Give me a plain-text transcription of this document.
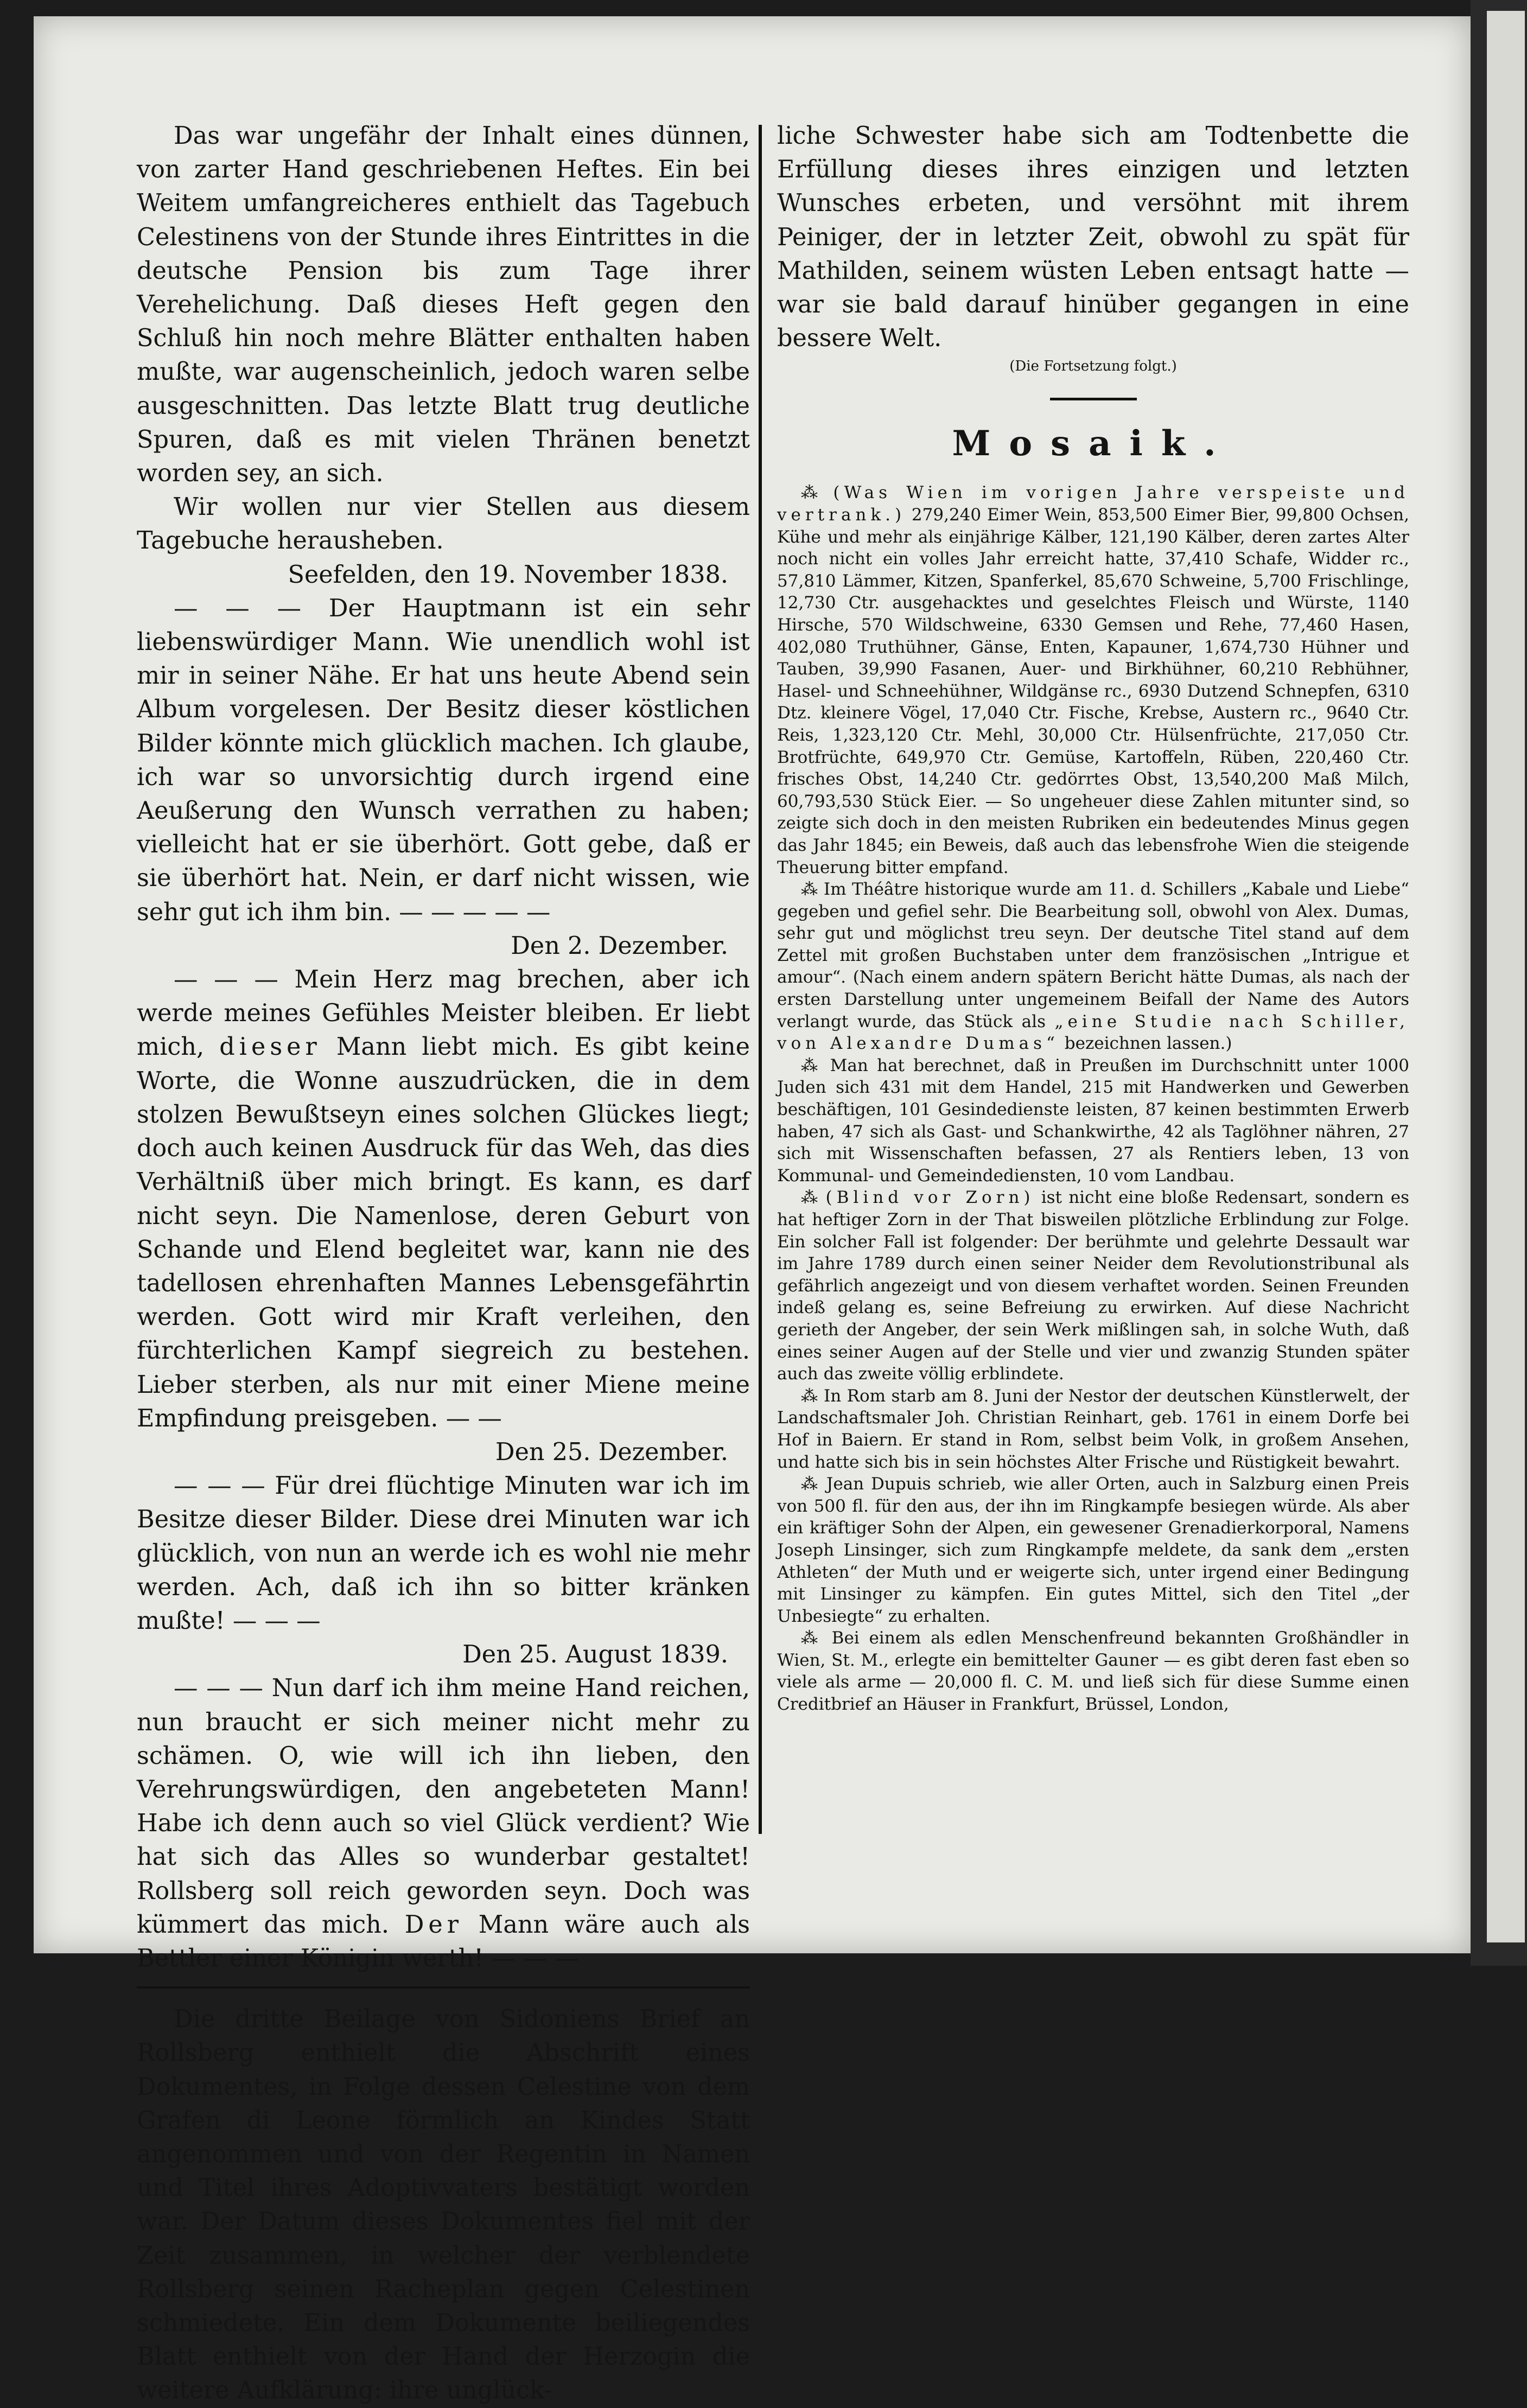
Das war ungefähr der Inhalt eines dünnen, von zarter Hand geschriebenen Heftes. Ein bei Weitem umfangreicheres enthielt das Tagebuch Celestinens von der Stunde ihres Eintrittes in die deutsche Pension bis zum Tage ihrer Verehelichung. Daß dieses Heft gegen den Schluß hin noch mehre Blätter enthalten haben mußte, war augenscheinlich, jedoch waren selbe ausgeschnitten. Das letzte Blatt trug deutliche Spuren, daß es mit vielen Thränen benetzt worden sey, an sich.

Wir wollen nur vier Stellen aus diesem Tagebuche herausheben.

Seefelden, den 19. November 1838.

— — — Der Hauptmann ist ein sehr liebenswürdiger Mann. Wie unendlich wohl ist mir in seiner Nähe. Er hat uns heute Abend sein Album vorgelesen. Der Besitz dieser köstlichen Bilder könnte mich glücklich machen. Ich glaube, ich war so unvorsichtig durch irgend eine Aeußerung den Wunsch verrathen zu haben; vielleicht hat er sie überhört. Gott gebe, daß er sie überhört hat. Nein, er darf nicht wissen, wie sehr gut ich ihm bin. — — — — —

Den 2. Dezember.

— — — Mein Herz mag brechen, aber ich werde meines Gefühles Meister bleiben. Er liebt mich, dieser Mann liebt mich. Es gibt keine Worte, die Wonne auszudrücken, die in dem stolzen Bewußtseyn eines solchen Glückes liegt; doch auch keinen Ausdruck für das Weh, das dies Verhältniß über mich bringt. Es kann, es darf nicht seyn. Die Namenlose, deren Geburt von Schande und Elend begleitet war, kann nie des tadellosen ehrenhaften Mannes Lebensgefährtin werden. Gott wird mir Kraft verleihen, den fürchterlichen Kampf siegreich zu bestehen. Lieber sterben, als nur mit einer Miene meine Empfindung preisgeben. — —

Den 25. Dezember.

— — — Für drei flüchtige Minuten war ich im Besitze dieser Bilder. Diese drei Minuten war ich glücklich, von nun an werde ich es wohl nie mehr werden. Ach, daß ich ihn so bitter kränken mußte! — — —

Den 25. August 1839.

— — — Nun darf ich ihm meine Hand reichen, nun braucht er sich meiner nicht mehr zu schämen. O, wie will ich ihn lieben, den Verehrungswürdigen, den angebeteten Mann! Habe ich denn auch so viel Glück verdient? Wie hat sich das Alles so wunderbar gestaltet! Rollsberg soll reich geworden seyn. Doch was kümmert das mich. Der Mann wäre auch als Bettler einer Königin werth! — — —

Die dritte Beilage von Sidoniens Brief an Rollsberg enthielt die Abschrift eines Dokumentes, in Folge dessen Celestine von dem Grafen di Leone förmlich an Kindes Statt angenommen und von der Regentin in Namen und Titel ihres Adoptivvaters bestätigt worden war. Der Datum dieses Dokumentes fiel mit der Zeit zusammen, in welcher der verblendete Rollsberg seinen Racheplan gegen Celestinen schmiedete. Ein dem Dokumente beiliegendes Blatt enthielt von der Hand der Herzogin die weitere Aufklärung: ihre unglück-

liche Schwester habe sich am Todtenbette die Erfüllung dieses ihres einzigen und letzten Wunsches erbeten, und versöhnt mit ihrem Peiniger, der in letzter Zeit, obwohl zu spät für Mathilden, seinem wüsten Leben entsagt hatte — war sie bald darauf hinüber gegangen in eine bessere Welt.

(Die Fortsetzung folgt.)

Mosaik.

⁂ (Was Wien im vorigen Jahre verspeiste und vertrank.) 279,240 Eimer Wein, 853,500 Eimer Bier, 99,800 Ochsen, Kühe und mehr als einjährige Kälber, 121,190 Kälber, deren zartes Alter noch nicht ein volles Jahr erreicht hatte, 37,410 Schafe, Widder rc., 57,810 Lämmer, Kitzen, Spanferkel, 85,670 Schweine, 5,700 Frischlinge, 12,730 Ctr. ausgehacktes und geselchtes Fleisch und Würste, 1140 Hirsche, 570 Wildschweine, 6330 Gemsen und Rehe, 77,460 Hasen, 402,080 Truthühner, Gänse, Enten, Kapauner, 1,674,730 Hühner und Tauben, 39,990 Fasanen, Auer- und Birkhühner, 60,210 Rebhühner, Hasel- und Schneehühner, Wildgänse rc., 6930 Dutzend Schnepfen, 6310 Dtz. kleinere Vögel, 17,040 Ctr. Fische, Krebse, Austern rc., 9640 Ctr. Reis, 1,323,120 Ctr. Mehl, 30,000 Ctr. Hülsenfrüchte, 217,050 Ctr. Brotfrüchte, 649,970 Ctr. Gemüse, Kartoffeln, Rüben, 220,460 Ctr. frisches Obst, 14,240 Ctr. gedörrtes Obst, 13,540,200 Maß Milch, 60,793,530 Stück Eier. — So ungeheuer diese Zahlen mitunter sind, so zeigte sich doch in den meisten Rubriken ein bedeutendes Minus gegen das Jahr 1845; ein Beweis, daß auch das lebensfrohe Wien die steigende Theuerung bitter empfand.

⁂ Im Théâtre historique wurde am 11. d. Schillers „Kabale und Liebe“ gegeben und gefiel sehr. Die Bearbeitung soll, obwohl von Alex. Dumas, sehr gut und möglichst treu seyn. Der deutsche Titel stand auf dem Zettel mit großen Buchstaben unter dem französischen „Intrigue et amour“. (Nach einem andern spätern Bericht hätte Dumas, als nach der ersten Darstellung unter ungemeinem Beifall der Name des Autors verlangt wurde, das Stück als „eine Studie nach Schiller, von Alexandre Dumas“ bezeichnen lassen.)

⁂ Man hat berechnet, daß in Preußen im Durchschnitt unter 1000 Juden sich 431 mit dem Handel, 215 mit Handwerken und Gewerben beschäftigen, 101 Gesindedienste leisten, 87 keinen bestimmten Erwerb haben, 47 sich als Gast- und Schankwirthe, 42 als Taglöhner nähren, 27 sich mit Wissenschaften befassen, 27 als Rentiers leben, 13 von Kommunal- und Gemeindediensten, 10 vom Landbau.

⁂ (Blind vor Zorn) ist nicht eine bloße Redensart, sondern es hat heftiger Zorn in der That bisweilen plötzliche Erblindung zur Folge. Ein solcher Fall ist folgender: Der berühmte und gelehrte Dessault war im Jahre 1789 durch einen seiner Neider dem Revolutionstribunal als gefährlich angezeigt und von diesem verhaftet worden. Seinen Freunden indeß gelang es, seine Befreiung zu erwirken. Auf diese Nachricht gerieth der Angeber, der sein Werk mißlingen sah, in solche Wuth, daß eines seiner Augen auf der Stelle und vier und zwanzig Stunden später auch das zweite völlig erblindete.

⁂ In Rom starb am 8. Juni der Nestor der deutschen Künstlerwelt, der Landschaftsmaler Joh. Christian Reinhart, geb. 1761 in einem Dorfe bei Hof in Baiern. Er stand in Rom, selbst beim Volk, in großem Ansehen, und hatte sich bis in sein höchstes Alter Frische und Rüstigkeit bewahrt.

⁂ Jean Dupuis schrieb, wie aller Orten, auch in Salzburg einen Preis von 500 fl. für den aus, der ihn im Ringkampfe besiegen würde. Als aber ein kräftiger Sohn der Alpen, ein gewesener Grenadierkorporal, Namens Joseph Linsinger, sich zum Ringkampfe meldete, da sank dem „ersten Athleten“ der Muth und er weigerte sich, unter irgend einer Bedingung mit Linsinger zu kämpfen. Ein gutes Mittel, sich den Titel „der Unbesiegte“ zu erhalten.

⁂ Bei einem als edlen Menschenfreund bekannten Großhändler in Wien, St. M., erlegte ein bemittelter Gauner — es gibt deren fast eben so viele als arme — 20,000 fl. C. M. und ließ sich für diese Summe einen Creditbrief an Häuser in Frankfurt, Brüssel, London,
